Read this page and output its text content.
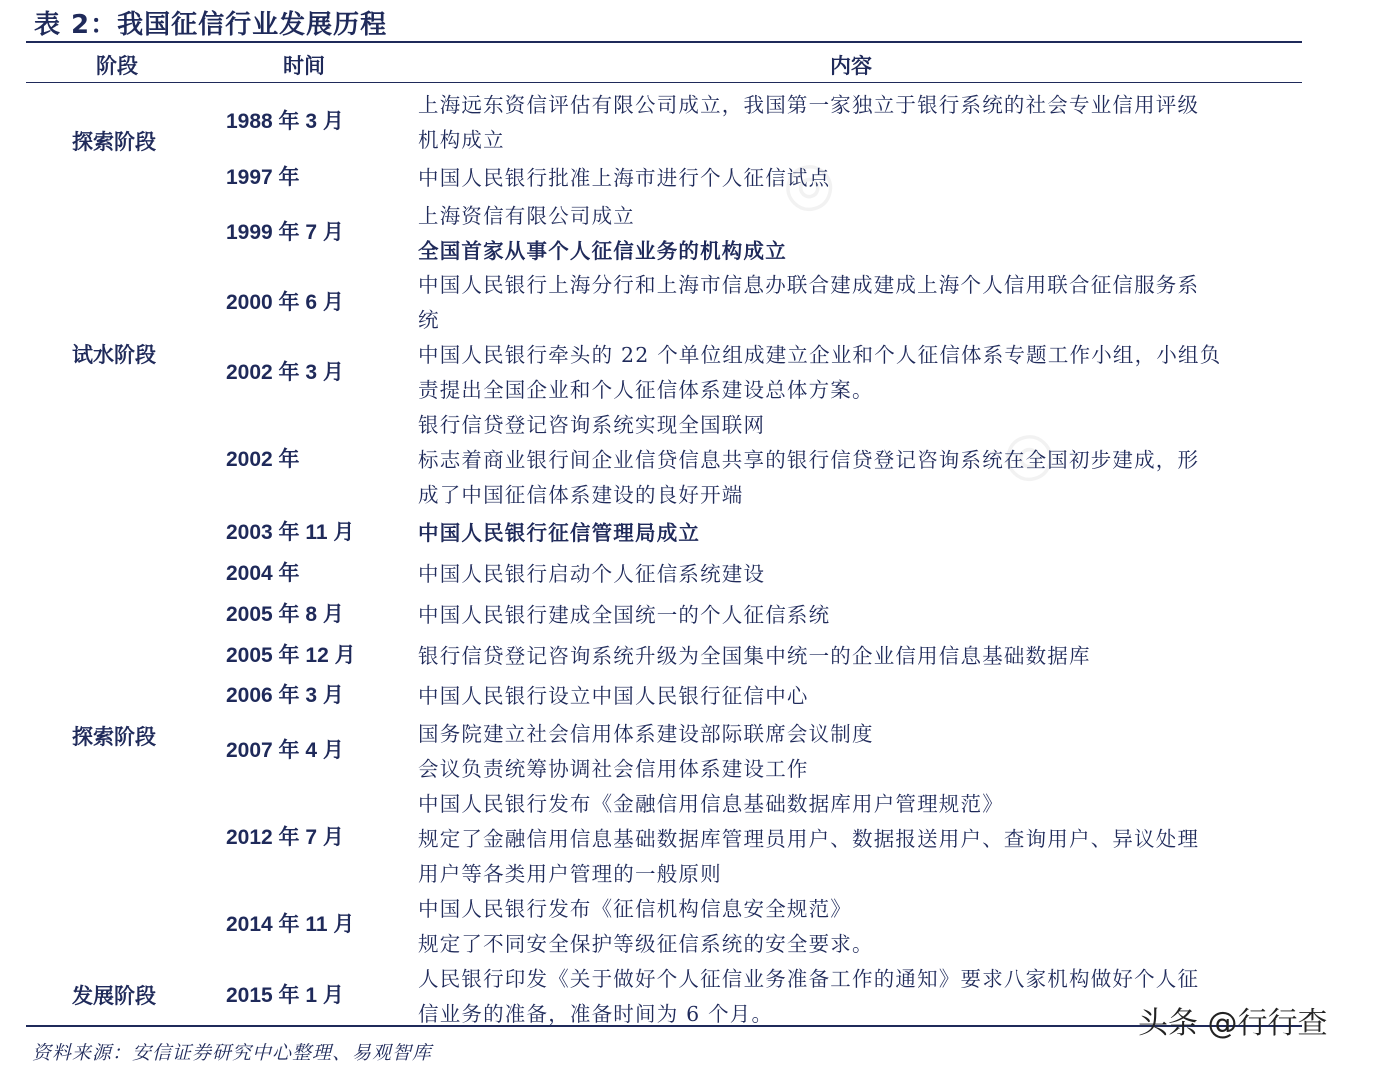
表 2：我国征信行业发展历程
阶段	时间	内容
◎
◎
探索阶段
试水阶段
探索阶段
发展阶段
1988 年 3 月
1997 年
1999 年 7 月
2000 年 6 月
2002 年 3 月
2002 年
2003 年 11 月
2004 年
2005 年 8 月
2005 年 12 月
2006 年 3 月
2007 年 4 月
2012 年 7 月
2014 年 11 月
2015 年 1 月
上海远东资信评估有限公司成立，我国第一家独立于银行系统的社会专业信用评级
机构成立
中国人民银行批准上海市进行个人征信试点
上海资信有限公司成立
全国首家从事个人征信业务的机构成立
中国人民银行上海分行和上海市信息办联合建成建成上海个人信用联合征信服务系
统
中国人民银行牵头的 22 个单位组成建立企业和个人征信体系专题工作小组，小组负
责提出全国企业和个人征信体系建设总体方案。
银行信贷登记咨询系统实现全国联网
标志着商业银行间企业信贷信息共享的银行信贷登记咨询系统在全国初步建成，形
成了中国征信体系建设的良好开端
中国人民银行征信管理局成立
中国人民银行启动个人征信系统建设
中国人民银行建成全国统一的个人征信系统
银行信贷登记咨询系统升级为全国集中统一的企业信用信息基础数据库
中国人民银行设立中国人民银行征信中心
国务院建立社会信用体系建设部际联席会议制度
会议负责统筹协调社会信用体系建设工作
中国人民银行发布《金融信用信息基础数据库用户管理规范》
规定了金融信用信息基础数据库管理员用户、数据报送用户、查询用户、异议处理
用户等各类用户管理的一般原则
中国人民银行发布《征信机构信息安全规范》
规定了不同安全保护等级征信系统的安全要求。
人民银行印发《关于做好个人征信业务准备工作的通知》要求八家机构做好个人征
信业务的准备，准备时间为 6 个月。
资料来源：安信证券研究中心整理、易观智库
头条 @行行查
